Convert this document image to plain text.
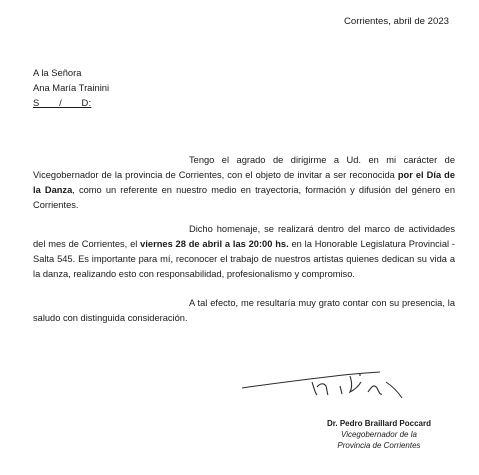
Corrientes, abril de 2023
A la Señora
Ana María Trainini
S       /       D:
Tengo el agrado de dirigirme a Ud. en mi carácter de Vicegobernador de la provincia de Corrientes, con el objeto de invitar a ser reconocida por el Día de la Danza, como un referente en nuestro medio en trayectoria, formación y difusión del género en Corrientes.
Dicho homenaje, se realizará dentro del marco de actividades del mes de Corrientes, el viernes 28 de abril a las 20:00 hs. en la Honorable Legislatura Provincial - Salta 545. Es importante para mí, reconocer el trabajo de nuestros artistas quienes dedican su vida a la danza, realizando esto con responsabilidad, profesionalismo y compromiso.
A tal efecto, me resultaría muy grato contar con su presencia, la saludo con distinguida consideración.
Dr. Pedro Braillard Poccard
Vicegobernador de la
Provincia de Corrientes
